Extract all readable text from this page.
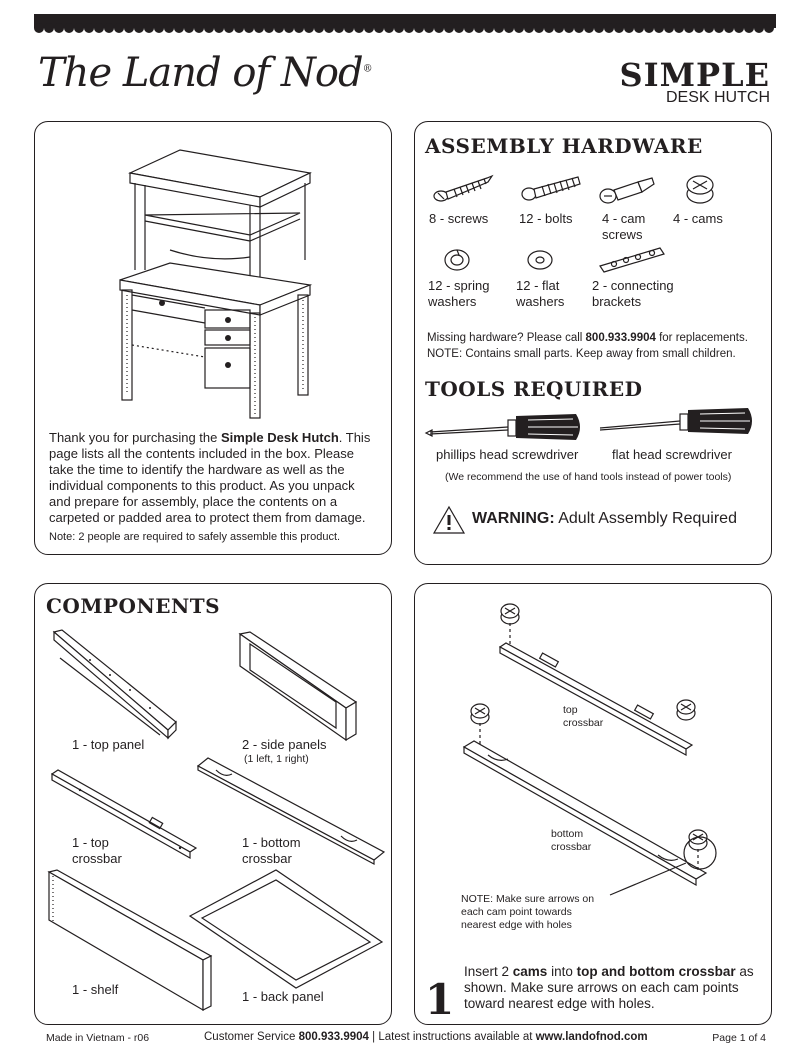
The Land of Nod®	SIMPLE
DESK HUTCH
Thank you for purchasing the Simple Desk Hutch. This page lists all the contents included in the box. Please take the time to identify the hardware as well as the individual components to this product. As you unpack and prepare for assembly, place the contents on a carpeted or padded area to protect them from damage.
Note: 2 people are required to safely assemble this product.
ASSEMBLY HARDWARE
8 - screws 12 - bolts 4 - cam
screws
4 - cams
12 - spring
washers
12 - flat
washers
2 - connecting
brackets
Missing hardware? Please call 800.933.9904 for replacements.
NOTE: Contains small parts. Keep away from small children.
TOOLS REQUIRED
phillips head screwdriver	flat head screwdriver
(We recommend the use of hand tools instead of power tools)
WARNING: Adult Assembly Required
COMPONENTS
1 - top panel	2 - side panels
(1 left, 1 right)
1 - top
crossbar
1 - bottom
crossbar
1 - shelf	1 - back panel
top
crossbar
bottom
crossbar
NOTE: Make sure arrows on
each cam point towards
nearest edge with holes
1
Insert 2 cams into top and bottom crossbar as shown. Make sure arrows on each cam points toward nearest edge with holes.
Made in Vietnam - r06	Customer Service 800.933.9904 | Latest instructions available at www.landofnod.com	Page 1 of 4
